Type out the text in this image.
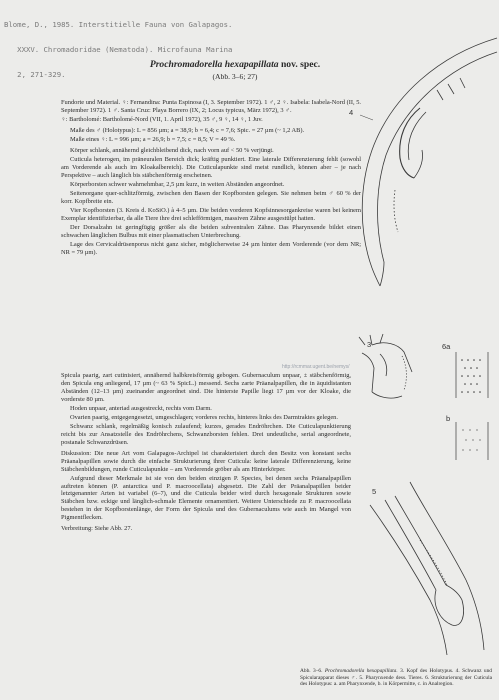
Blome, D., 1985. Interstitielle Fauna von Galapagos.

XXXV. Chromadoridae (Nematoda). Microfauna Marina

2, 271-329.

Prochromadorella hexapapillata nov. spec.
(Abb. 3–6; 27)

Fundorte und Material. ♀: Fernandina: Punta Espinosa (I, 3. September 1972). 1 ♂, 2 ♀. Isabela: Isabela-Nord (II, 5. September 1972). 1 ♂. Santa Cruz: Playa Borrero (IX, 2; Locus typicus, März 1972), 3 ♂.

♀: Bartholomé: Bartholomé-Nord (VII, 1. April 1972), 35 ♂, 9 ♀, 14 ♀, 1 Juv.

Maße des ♂ (Holotypus): L = 856 µm; a = 38,9; b = 6,4; c = 7,6; Spic. = 27 µm (~ 1,2 AB).

Maße eines ♀: L = 996 µm; a = 26,9; b = 7,5; c = 8,5; V = 49 %.

Körper schlank, annähernd gleichbleibend dick, nach vorn auf < 50 % verjüngt.

Cuticula heterogen, im präneuralen Bereich dick; kräftig punktiert. Eine laterale Differenzierung fehlt (sowohl am Vorderende als auch im Kloakalbereich). Die Cuticulapunkte sind meist rundlich, können aber – je nach Perspektive – auch länglich bis stäbchenförmig erscheinen.

Körperborsten schwer wahrnehmbar, 2,5 µm kurz, in weiten Abständen angeordnet.

Seitenorgane quer-schlitzförmig, zwischen den Basen der Kopfborsten gelegen. Sie nehmen beim ♂ 60 % der korr. Kopfbreite ein.

Vier Kopfborsten (3. Kreis d. KoSiO.) à 4–5 µm. Die beiden vorderen Kopfsinnesorgankreise waren bei keinem Exemplar identifizierbar, da alle Tiere ihre drei schlefförmigen, massiven Zähne ausgestülpt hatten.

Der Dorsalzahn ist geringfügig größer als die beiden subventralen Zähne. Das Pharynxende bildet einen schwachen länglichen Bulbus mit einer plasmatischen Unterbrechung.

Lage des Cervicaldrüsenporus nicht ganz sicher, möglicherweise 24 µm hinter dem Vorderende (vor dem NR; NR = 79 µm).

http://rcmmar.ugent.be/nemys/

Spicula paarig, zart cutinisiert, annähernd halbkreisförmig gebogen. Gubernaculum unpaar, ± stäbchenförmig, den Spicula eng anliegend, 17 µm (~ 63 % SpicL.) messend. Sechs zarte Präanalpapillen, die in äquidistanten Abständen (12–13 µm) zueinander angeordnet sind. Die hinterste Papille liegt 17 µm vor der Kloake, die vorderste 80 µm.

Hoden unpaar, anteriad ausgestreckt, rechts vom Darm.

Ovarien paarig, entgegengesetzt, umgeschlagen; vorderes rechts, hinteres links des Darmtraktes gelegen.

Schwanz schlank, regelmäßig konisch zulaufend; kurzes, gerades Endröhrchen. Die Cuticulapunktierung reicht bis zur Ansatzstelle des Endröhrchens, Schwanzborsten fehlen. Drei undeutliche, serial angeordnete, postanale Schwanzdrüsen.

Diskussion: Die neue Art vom Galapagos-Archipel ist charakterisiert durch den Besitz von konstant sechs Präanalpapillen sowie durch die einfache Strukturierung ihrer Cuticula: keine laterale Differenzierung, keine Stäbchenbildungen, runde Cuticulapunkte – am Vorderende gröber als am Hinterkörper.

Aufgrund dieser Merkmale ist sie von den beiden einzigen P. Species, bei denen sechs Präanalpapillen auftreten können (P. antarctica und P. macroocellata) abgesetzt. Die Zahl der Präanalpapillen beider letztgenannter Arten ist variabel (6–7), und die Cuticula beider wird durch hexagonale Strukturen sowie Stäbchen bzw. eckige und länglich-schmale Elemente ornamentiert. Weitere Unterschiede zu P. macroocellata bestehen in der Kopfborstenlänge, der Form der Spicula und des Gubernaculums wie auch im Mangel von Pigmentflecken.

Verbreitung: Siehe Abb. 27.

4
3	6a
b
5
Abb. 3–6. Prochromadorella hexapapillata. 3. Kopf des Holotypus. 4. Schwanz und Spicularapparat dieses ♂. 5. Pharynxende dess. Tieres. 6. Strukturierung der Cuticula des Holotypus: a. am Pharynxende, b. in Körpermitte, c. in Analregion.
